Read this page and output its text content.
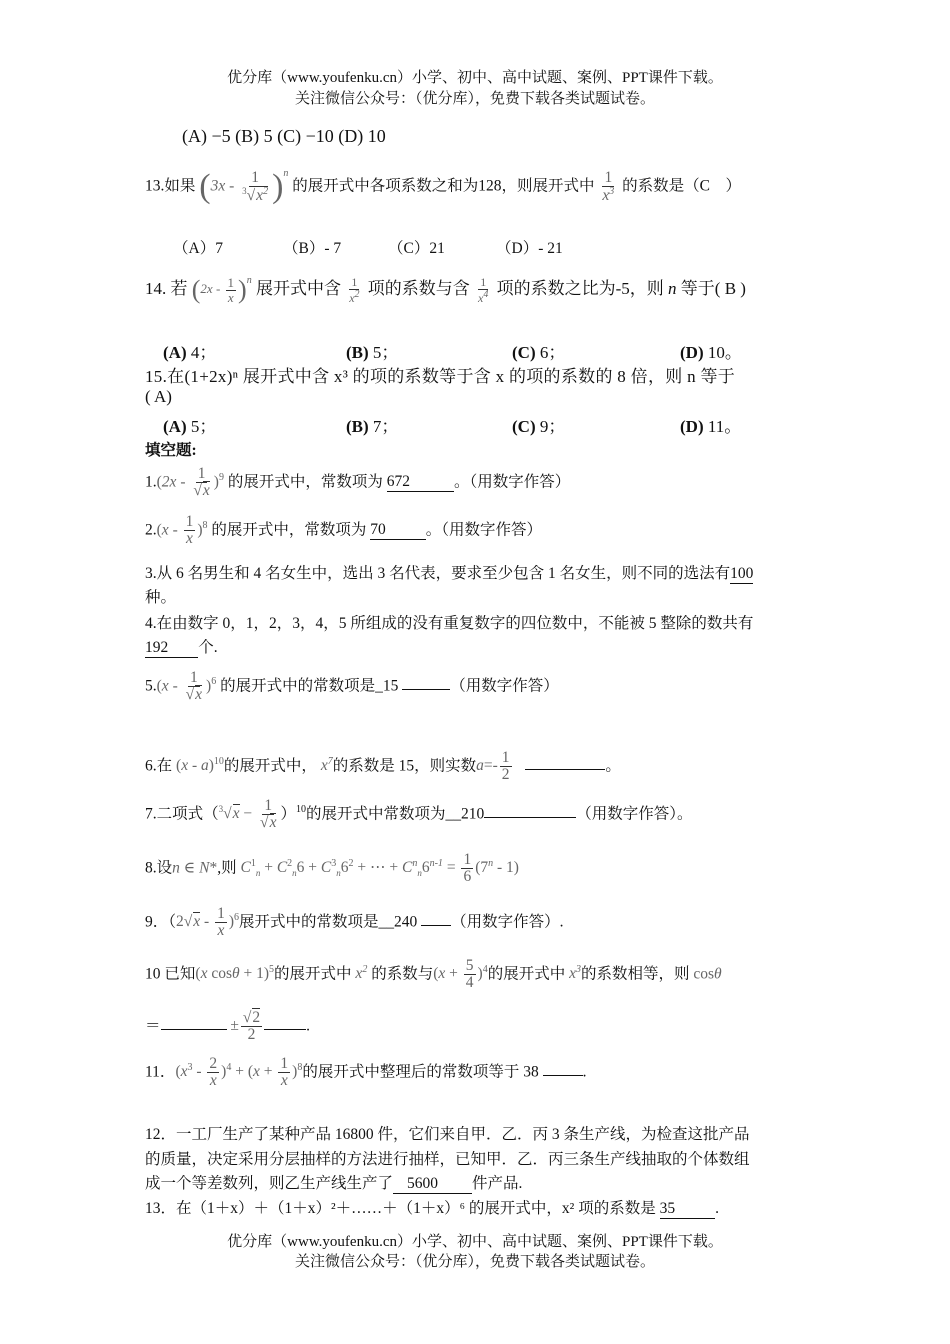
优分库（www.youfenku.cn）小学、初中、高中试题、案例、PPT课件下载。
关注微信公众号：（优分库），免费下载各类试题试卷。
(A) −5 (B) 5 (C) −10 (D) 10
13.如果 $(3x - \frac{1}{^3√x^2} )^n$ 的展开式中各项系数之和为128，则展开式中 $\frac{1}{x^3}$ 的系数是（C　）
（A）7	（B）- 7	（C）21	（D）- 21
14. 若 $(2x - \frac{1}{x} )^n$ 展开式中含 $\frac{1}{x^2}$ 项的系数与含 $\frac{1}{x^4}$ 项的系数之比为-5，则 n 等于( B )
(A) 4；	(B) 5；	(C) 6；	(D) 10。
15.在(1+2x)ⁿ 展开式中含 x³ 的项的系数等于含 x 的项的系数的 8 倍，则 n 等于
( A)
(A) 5；	(B) 7；	(C) 9；	(D) 11。
填空题:
$1.(2x - \frac{1}{√x} )^9$ 的展开式中，常数项为 672	。（用数字作答）
$2.(x - \frac{1}{x} )^8$ 的展开式中，常数项为 70	。（用数字作答）
3.从 6 名男生和 4 名女生中，选出 3 名代表，要求至少包含 1 名女生，则不同的选法有100
种。
4.在由数字 0，1，2，3，4，5 所组成的没有重复数字的四位数中，不能被 5 整除的数共有
192 个.
$5.(x - \frac{1}{√x} )^6$ 的展开式中的常数项是_15	（用数字作答）
6.在 (x - a)$^{10}$的展开式中， $x^7$的系数是 15，则实数$a=- \frac{1}{2}$	。
7.二项式$(^3√x - \frac{1}{√x} )^{10}$的展开式中常数项为__210	（用数字作答）。
8.设n ∈ N*,则 $C^1_n + C^2_n6 + C^3_n6^2$ + ⋯ + $C^n_n6^{n-1} = \frac{1}{6} (7^n - 1)$
9．$(2√x - \frac{1}{x} )^6$展开式中的常数项是__240 （用数字作答）.
10 已知(x cosθ + 1)$^5$的展开式中 $x^2$ 的系数与$(x + \frac{5}{4} )^4$的展开式中 $x^3$的系数相等，则 cosθ
＝	± $\frac{√2}{2}$	.
11．$(x^3 - \frac{2}{x} )^4 + (x + \frac{1}{x} )^8$的展开式中整理后的常数项等于 38	.
12．一工厂生产了某种产品 16800 件，它们来自甲．乙．丙 3 条生产线，为检查这批产品
的质量，决定采用分层抽样的方法进行抽样，已知甲．乙．丙三条生产线抽取的个体数组
成一个等差数列，则乙生产线生产了 5600 件产品.
13．在（1＋x）＋（1＋x）²＋……＋（1＋x）⁶ 的展开式中，x² 项的系数是 35	.
优分库（www.youfenku.cn）小学、初中、高中试题、案例、PPT课件下载。
关注微信公众号：（优分库），免费下载各类试题试卷。
